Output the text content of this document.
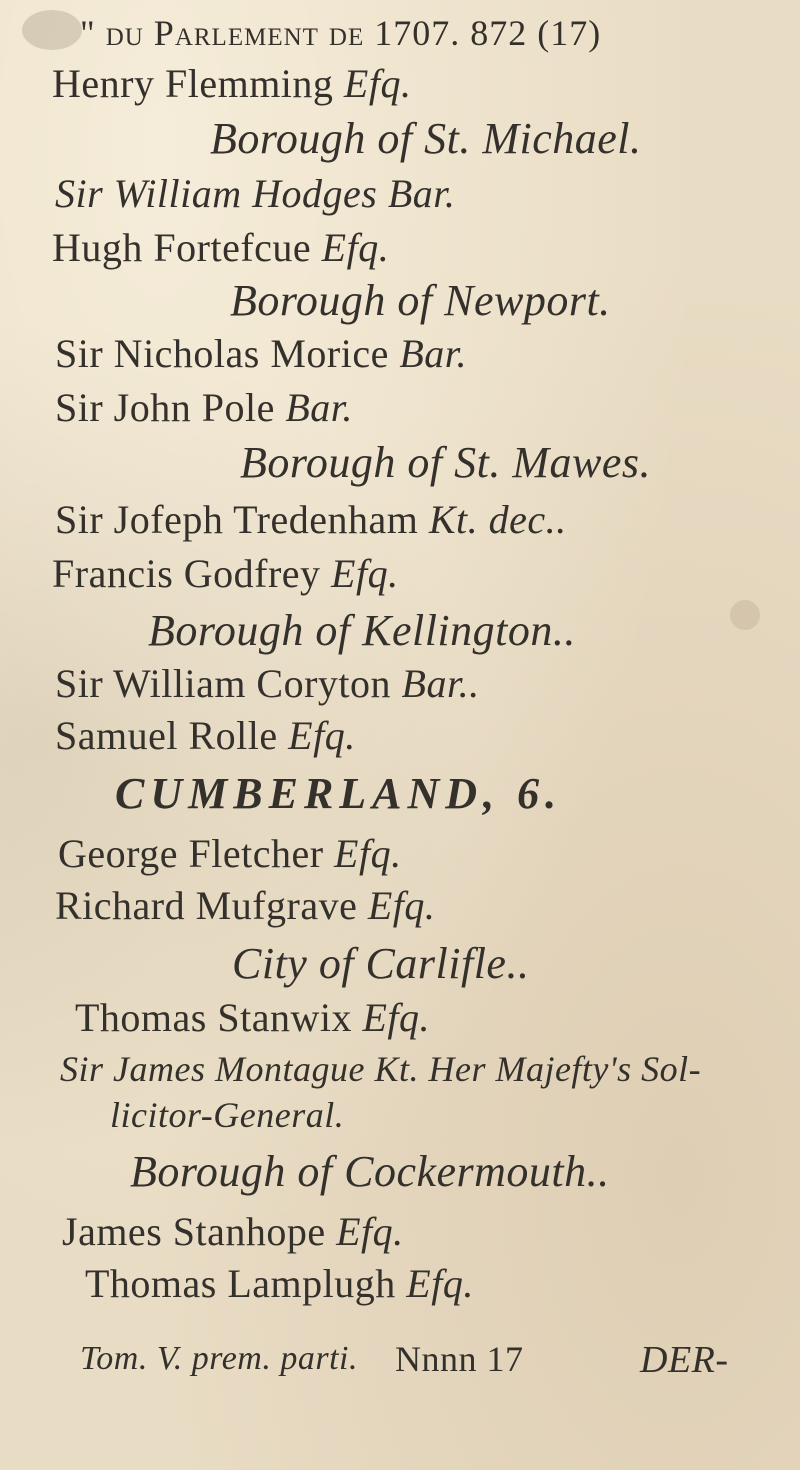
" du Parlement de 1707. 872 (17)
Henry Flemming Efq.
Borough of St. Michael.
Sir William Hodges Bar.
Hugh Fortefcue Efq.
Borough of Newport.
Sir Nicholas Morice Bar.
Sir John Pole Bar.
Borough of St. Mawes.
Sir Jofeph Tredenham Kt. dec..
Francis Godfrey Efq.
Borough of Kellington..
Sir William Coryton Bar..
Samuel Rolle Efq.
CUMBERLAND, 6.
George Fletcher Efq.
Richard Mufgrave Efq.
City of Carlifle..
Thomas Stanwix Efq.
Sir James Montague Kt. Her Majefty's Sol-
licitor-General.
Borough of Cockermouth..
James Stanhope Efq.
Thomas Lamplugh Efq.
Tom. V. prem. parti. Nnnn 17	DER-
